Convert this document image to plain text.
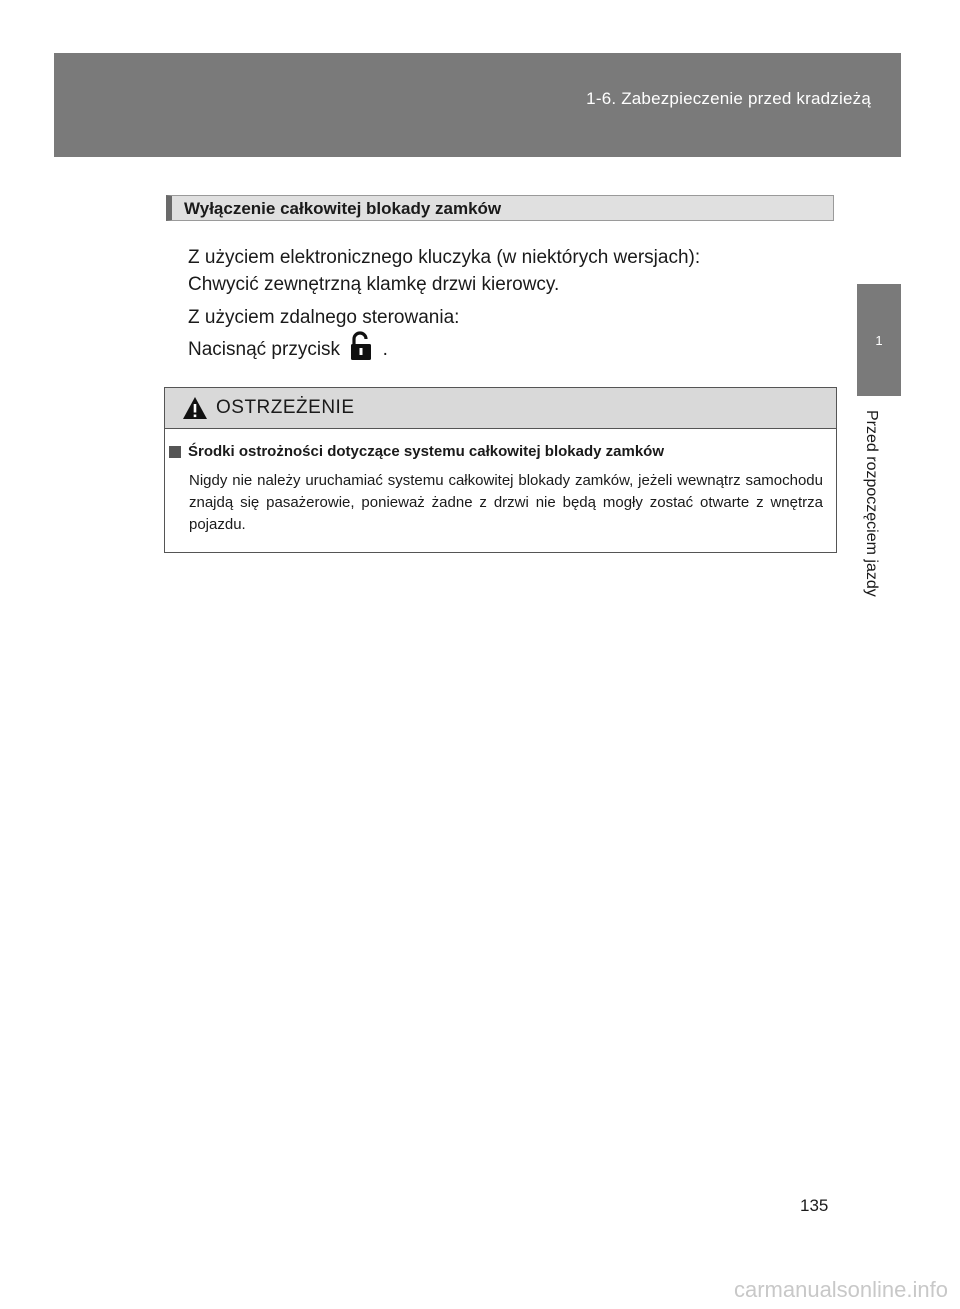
1-6. Zabezpieczenie przed kradzieżą
1
Przed rozpoczęciem jazdy
Wyłączenie całkowitej blokady zamków
Z użyciem elektronicznego kluczyka (w niektórych wersjach):
Chwycić zewnętrzną klamkę drzwi kierowcy.
Z użyciem zdalnego sterowania:
Nacisnąć przycisk .
OSTRZEŻENIE
Środki ostrożności dotyczące systemu całkowitej blokady zamków
Nigdy nie należy uruchamiać systemu całkowitej blokady zamków, jeżeli wewnątrz samochodu znajdą się pasażerowie, ponieważ żadne z drzwi nie będą mogły zostać otwarte z wnętrza pojazdu.
135
carmanualsonline.info
